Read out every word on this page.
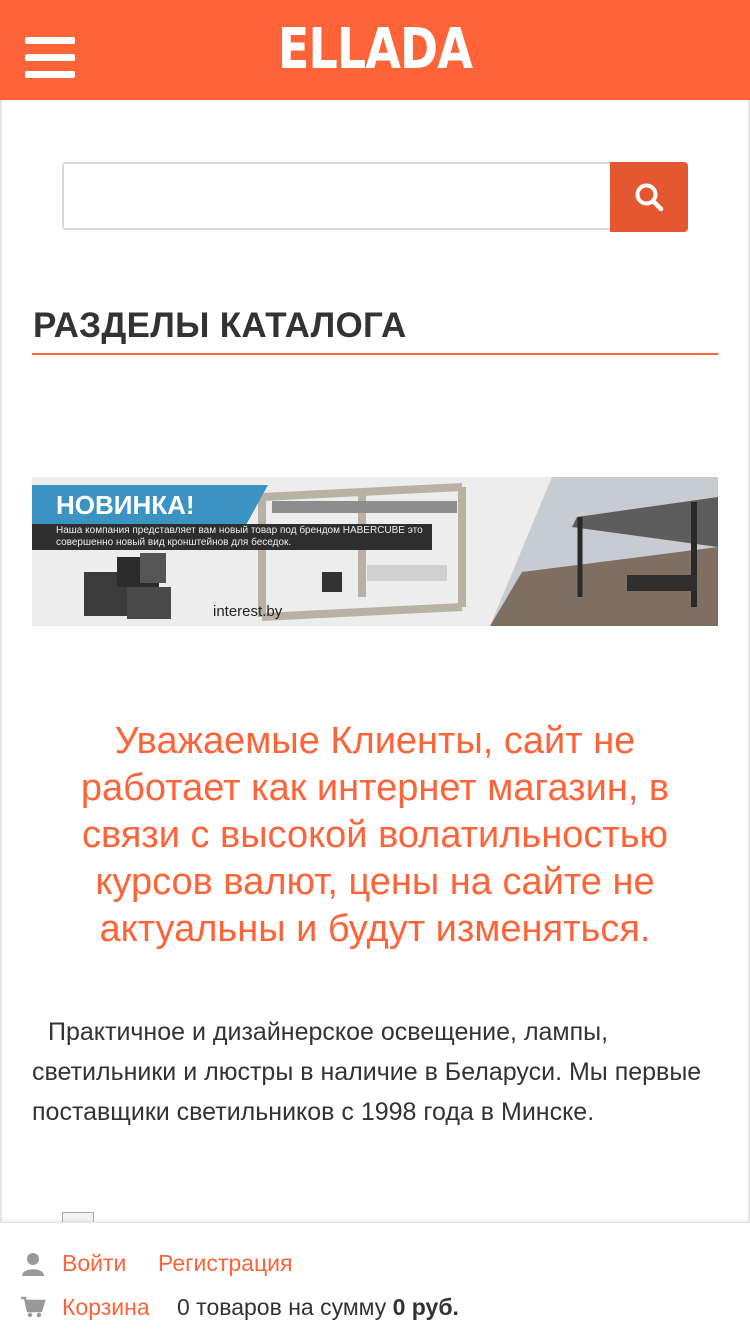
ELLADA
РАЗДЕЛЫ КАТАЛОГА
НОВИНКА!
Наша компания представляет вам новый товар под брендом HABERCUBE это совершенно новый вид кронштейнов для беседок.
interest.by

Уважаемые Клиенты, сайт не работает как интернет магазин, в связи с высокой волатильностью курсов валют, цены на сайте не актуальны и будут изменяться.

Практичное и дизайнерское освещение, лампы, светильники и люстры в наличие в Беларуси. Мы первые поставщики светильников с 1998 года в Минске.

Войти Регистрация
Корзина 0 товаров на сумму 0 руб.
